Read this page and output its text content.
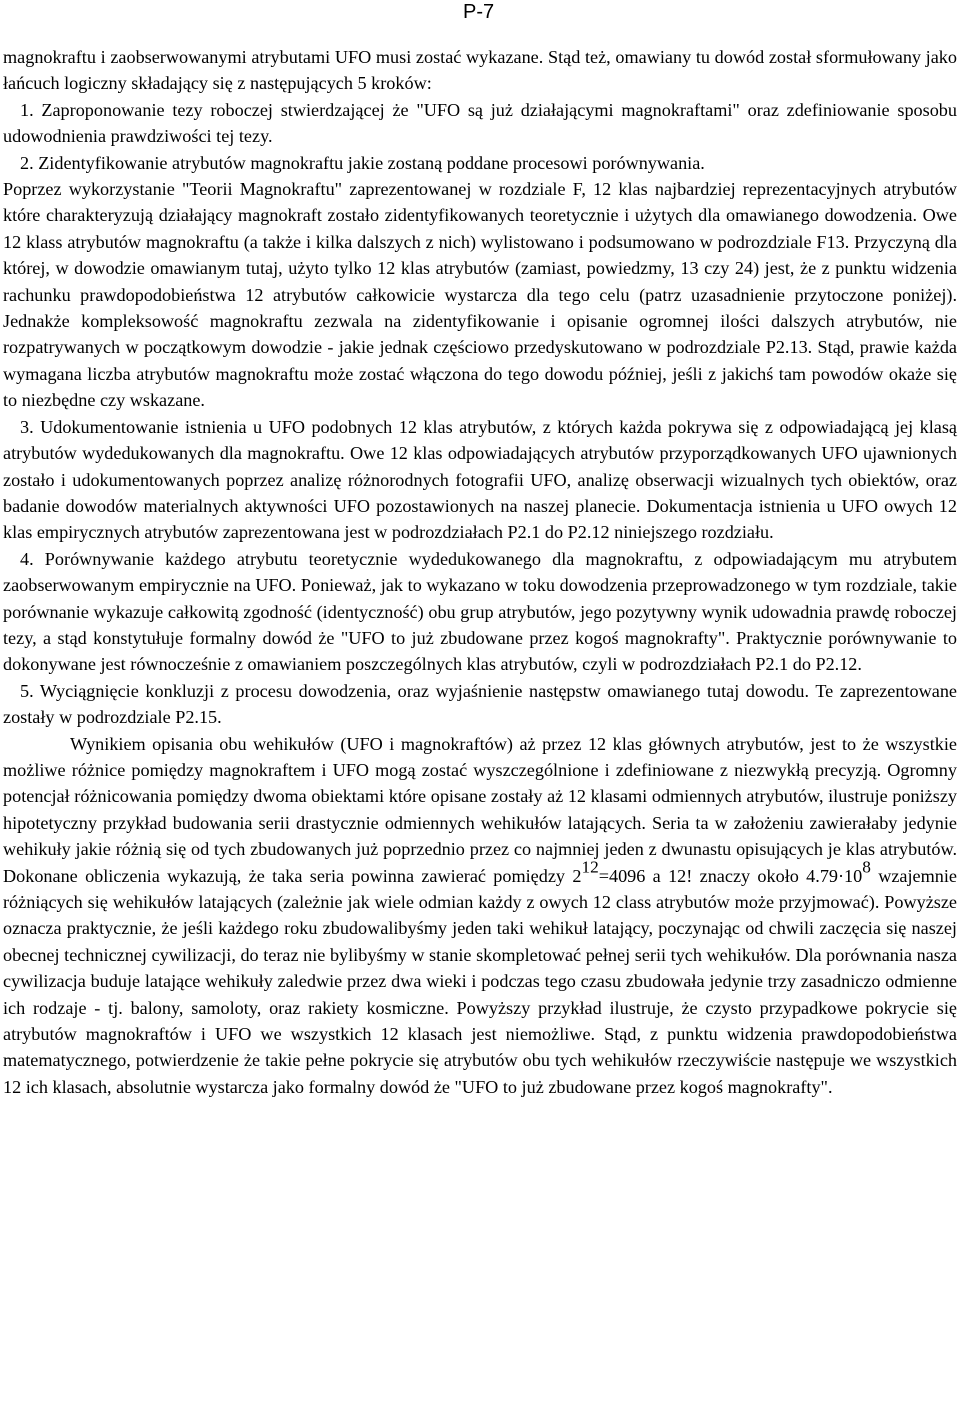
P-7

magnokraftu i zaobserwowanymi atrybutami UFO musi zostać wykazane. Stąd też, omawiany tu dowód został sformułowany jako łańcuch logiczny składający się z następujących 5 kroków:

1. Zaproponowanie tezy roboczej stwierdzającej że "UFO są już działającymi magnokraftami" oraz zdefiniowanie sposobu udowodnienia prawdziwości tej tezy.

2. Zidentyfikowanie atrybutów magnokraftu jakie zostaną poddane procesowi porównywania.

Poprzez wykorzystanie "Teorii Magnokraftu" zaprezentowanej w rozdziale F, 12 klas najbardziej reprezentacyjnych atrybutów które charakteryzują działający magnokraft zostało zidentyfikowanych teoretycznie i użytych dla omawianego dowodzenia. Owe 12 klass atrybutów magnokraftu (a także i kilka dalszych z nich) wylistowano i podsumowano w podrozdziale F13. Przyczyną dla której, w dowodzie omawianym tutaj, użyto tylko 12 klas atrybutów (zamiast, powiedzmy, 13 czy 24) jest, że z punktu widzenia rachunku prawdopodobieństwa 12 atrybutów całkowicie wystarcza dla tego celu (patrz uzasadnienie przytoczone poniżej). Jednakże kompleksowość magnokraftu zezwala na zidentyfikowanie i opisanie ogromnej ilości dalszych atrybutów, nie rozpatrywanych w początkowym dowodzie - jakie jednak częściowo przedyskutowano w podrozdziale P2.13. Stąd, prawie każda wymagana liczba atrybutów magnokraftu może zostać włączona do tego dowodu później, jeśli z jakichś tam powodów okaże się to niezbędne czy wskazane.

3. Udokumentowanie istnienia u UFO podobnych 12 klas atrybutów, z których każda pokrywa się z odpowiadającą jej klasą atrybutów wydedukowanych dla magnokraftu. Owe 12 klas odpowiadających atrybutów przyporządkowanych UFO ujawnionych zostało i udokumentowanych poprzez analizę różnorodnych fotografii UFO, analizę obserwacji wizualnych tych obiektów, oraz badanie dowodów materialnych aktywności UFO pozostawionych na naszej planecie. Dokumentacja istnienia u UFO owych 12 klas empirycznych atrybutów zaprezentowana jest w podrozdziałach P2.1 do P2.12 niniejszego rozdziału.

4. Porównywanie każdego atrybutu teoretycznie wydedukowanego dla magnokraftu, z odpowiadającym mu atrybutem zaobserwowanym empirycznie na UFO. Ponieważ, jak to wykazano w toku dowodzenia przeprowadzonego w tym rozdziale, takie porównanie wykazuje całkowitą zgodność (identyczność) obu grup atrybutów, jego pozytywny wynik udowadnia prawdę roboczej tezy, a stąd konstytułuje formalny dowód że "UFO to już zbudowane przez kogoś magnokrafty". Praktycznie porównywanie to dokonywane jest równocześnie z omawianiem poszczególnych klas atrybutów, czyli w podrozdziałach P2.1 do P2.12.

5. Wyciągnięcie konkluzji z procesu dowodzenia, oraz wyjaśnienie następstw omawianego tutaj dowodu. Te zaprezentowane zostały w podrozdziale P2.15.

Wynikiem opisania obu wehikułów (UFO i magnokraftów) aż przez 12 klas głównych atrybutów, jest to że wszystkie możliwe różnice pomiędzy magnokraftem i UFO mogą zostać wyszczególnione i zdefiniowane z niezwykłą precyzją. Ogromny potencjał różnicowania pomiędzy dwoma obiektami które opisane zostały aż 12 klasami odmiennych atrybutów, ilustruje poniższy hipotetyczny przykład budowania serii drastycznie odmiennych wehikułów latających. Seria ta w założeniu zawierałaby jedynie wehikuły jakie różnią się od tych zbudowanych już poprzednio przez co najmniej jeden z dwunastu opisujących je klas atrybutów. Dokonane obliczenia wykazują, że taka seria powinna zawierać pomiędzy $2^{12}=4096$ a 12! znaczy około $4.79\cdot 10^8$ wzajemnie różniących się wehikułów latających (zależnie jak wiele odmian każdy z owych 12 class atrybutów może przyjmować). Powyższe oznacza praktycznie, że jeśli każdego roku zbudowalibyśmy jeden taki wehikuł latający, poczynając od chwili zaczęcia się naszej obecnej technicznej cywilizacji, do teraz nie bylibyśmy w stanie skompletować pełnej serii tych wehikułów. Dla porównania nasza cywilizacja buduje latające wehikuły zaledwie przez dwa wieki i podczas tego czasu zbudowała jedynie trzy zasadniczo odmienne ich rodzaje - tj. balony, samoloty, oraz rakiety kosmiczne. Powyższy przykład ilustruje, że czysto przypadkowe pokrycie się atrybutów magnokraftów i UFO we wszystkich 12 klasach jest niemożliwe. Stąd, z punktu widzenia prawdopodobieństwa matematycznego, potwierdzenie że takie pełne pokrycie się atrybutów obu tych wehikułów rzeczywiście następuje we wszystkich 12 ich klasach, absolutnie wystarcza jako formalny dowód że "UFO to już zbudowane przez kogoś magnokrafty".
